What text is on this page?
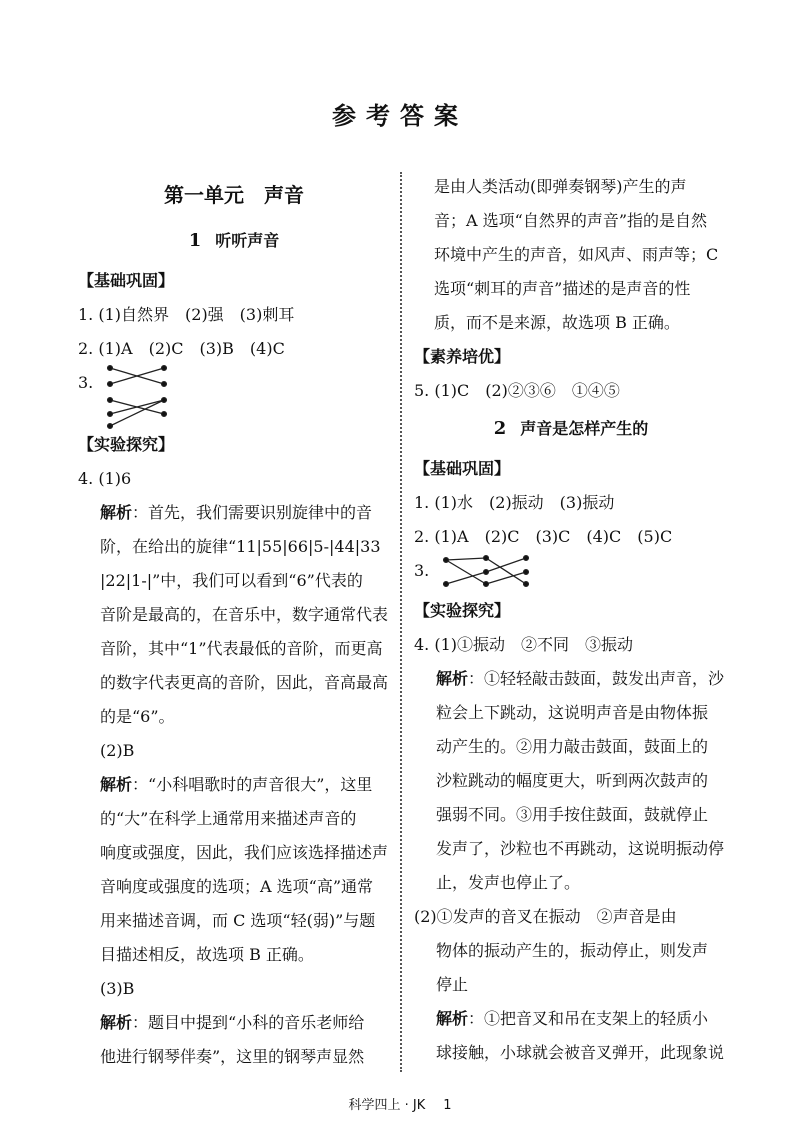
参考答案
第一单元　声音
1 听听声音
【基础巩固】
1. (1)自然界　(2)强　(3)刺耳
2. (1)A　(2)C　(3)B　(4)C
3.
【实验探究】
4. (1)6
解析：首先，我们需要识别旋律中的音
阶，在给出的旋律“11|55|66|5-|44|33
|22|1-|”中，我们可以看到“6”代表的
音阶是最高的，在音乐中，数字通常代表
音阶，其中“1”代表最低的音阶，而更高
的数字代表更高的音阶，因此，音高最高
的是“6”。
(2)B
解析：“小科唱歌时的声音很大”，这里
的“大”在科学上通常用来描述声音的
响度或强度，因此，我们应该选择描述声
音响度或强度的选项；A 选项“高”通常
用来描述音调，而 C 选项“轻(弱)”与题
目描述相反，故选项 B 正确。
(3)B
解析：题目中提到“小科的音乐老师给
他进行钢琴伴奏”，这里的钢琴声显然
是由人类活动(即弹奏钢琴)产生的声
音；A 选项“自然界的声音”指的是自然
环境中产生的声音，如风声、雨声等；C
选项“刺耳的声音”描述的是声音的性
质，而不是来源，故选项 B 正确。
【素养培优】
5. (1)C　(2)②③⑥　①④⑤
2 声音是怎样产生的
【基础巩固】
1. (1)水　(2)振动　(3)振动
2. (1)A　(2)C　(3)C　(4)C　(5)C
3.
【实验探究】
4. (1)①振动　②不同　③振动
解析：①轻轻敲击鼓面，鼓发出声音，沙
粒会上下跳动，这说明声音是由物体振
动产生的。②用力敲击鼓面，鼓面上的
沙粒跳动的幅度更大，听到两次鼓声的
强弱不同。③用手按住鼓面，鼓就停止
发声了，沙粒也不再跳动，这说明振动停
止，发声也停止了。
(2)①发声的音叉在振动　②声音是由
物体的振动产生的，振动停止，则发声
停止
解析：①把音叉和吊在支架上的轻质小
球接触，小球就会被音叉弹开，此现象说
科学四上 · JK 1
